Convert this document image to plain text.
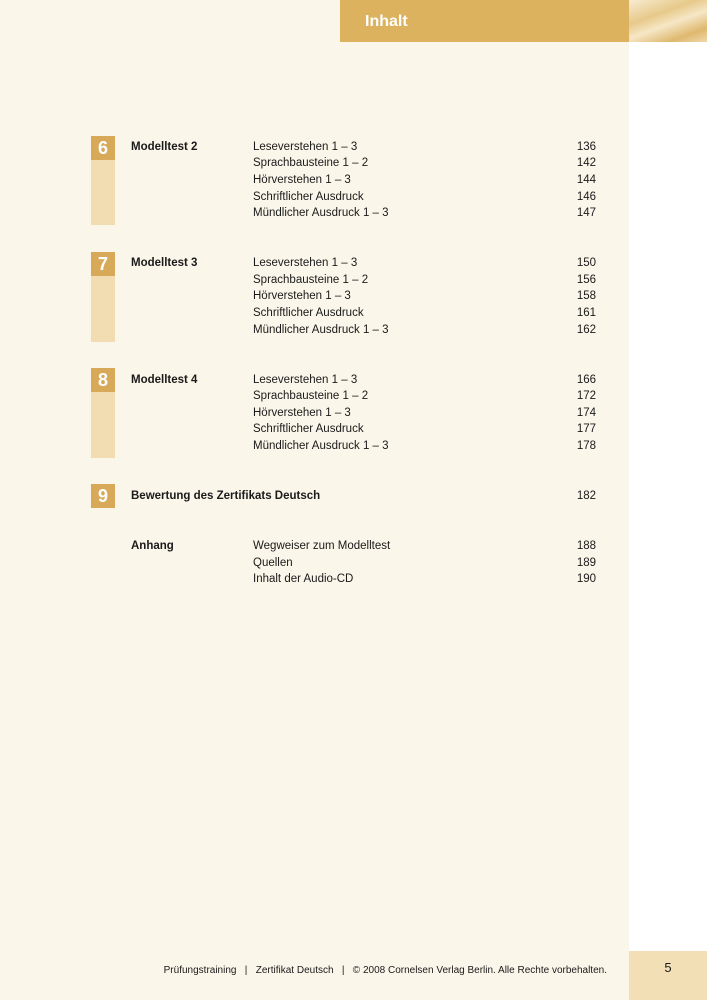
Inhalt
6	Modelltest 2	Leseverstehen 1 – 3	136
Sprachbausteine 1 – 2	142
Hörverstehen 1 – 3	144
Schriftlicher Ausdruck	146
Mündlicher Ausdruck 1 – 3	147
7	Modelltest 3	Leseverstehen 1 – 3	150
Sprachbausteine 1 – 2	156
Hörverstehen 1 – 3	158
Schriftlicher Ausdruck	161
Mündlicher Ausdruck 1 – 3	162
8	Modelltest 4	Leseverstehen 1 – 3	166
Sprachbausteine 1 – 2	172
Hörverstehen 1 – 3	174
Schriftlicher Ausdruck	177
Mündlicher Ausdruck 1 – 3	178
9	Bewertung des Zertifikats Deutsch	182
Anhang	Wegweiser zum Modelltest	188
Quellen	189
Inhalt der Audio-CD	190
Prüfungstraining   |   Zertifikat Deutsch   |   © 2008 Cornelsen Verlag Berlin. Alle Rechte vorbehalten.	5
